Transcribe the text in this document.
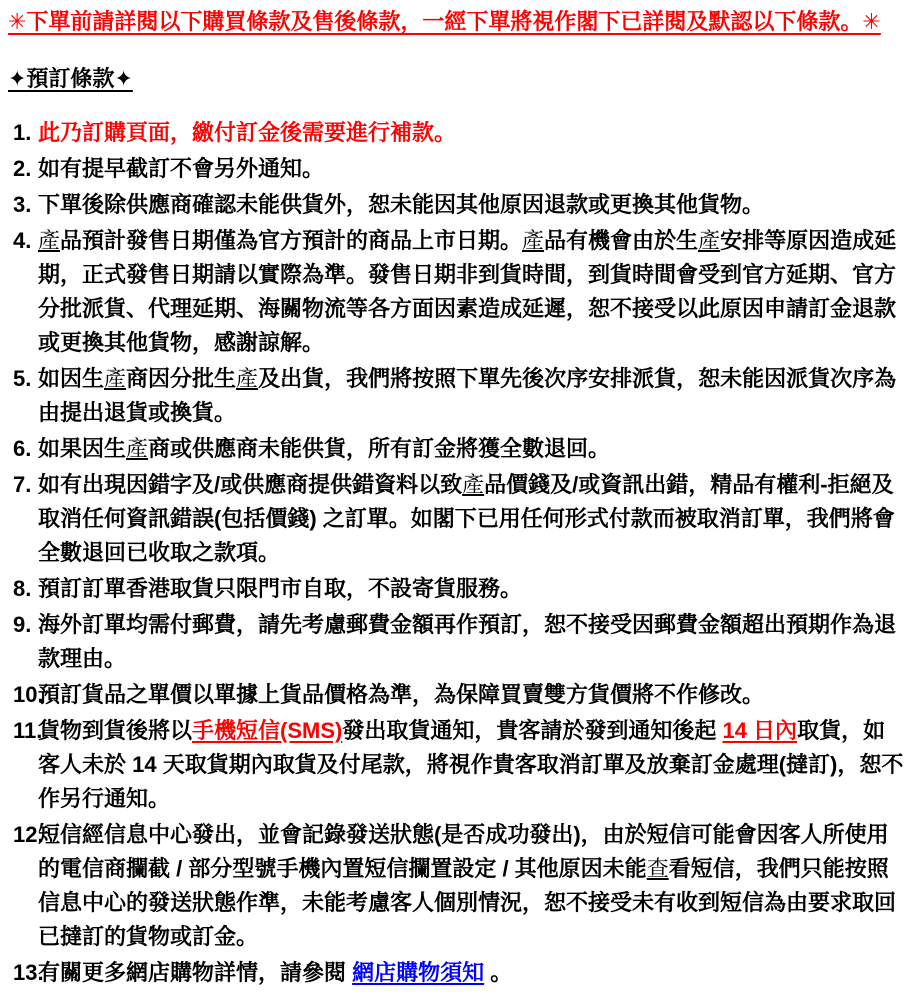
✳下單前請詳閱以下購買條款及售後條款，一經下單將視作閣下已詳閱及默認以下條款。✳

✦預訂條款✦
1. 此乃訂購頁面，繳付訂金後需要進行補款。
2. 如有提早截訂不會另外通知。
3. 下單後除供應商確認未能供貨外，恕未能因其他原因退款或更換其他貨物。
4. 產品預計發售日期僅為官方預計的商品上市日期。產品有機會由於生產安排等原因造成延期，正式發售日期請以實際為準。發售日期非到貨時間，到貨時間會受到官方延期、官方分批派貨、代理延期、海關物流等各方面因素造成延遲，恕不接受以此原因申請訂金退款或更換其他貨物，感謝諒解。
5. 如因生產商因分批生產及出貨，我們將按照下單先後次序安排派貨，恕未能因派貨次序為由提出退貨或換貨。
6. 如果因生產商或供應商未能供貨，所有訂金將獲全數退回。
7. 如有出現因錯字及/或供應商提供錯資料以致產品價錢及/或資訊出錯，精品有權利-拒絕及取消任何資訊錯誤(包括價錢) 之訂單。如閣下已用任何形式付款而被取消訂單，我們將會全數退回已收取之款項。
8. 預訂訂單香港取貨只限門市自取，不設寄貨服務。
9. 海外訂單均需付郵費，請先考慮郵費金額再作預訂，恕不接受因郵費金額超出預期作為退款理由。
10.
預訂貨品之單價以單據上貨品價格為準，為保障買賣雙方貨價將不作修改。
11.
貨物到貨後將以手機短信(SMS)發出取貨通知，貴客請於發到通知後起 14 日內取貨，如客人未於 14 天取貨期內取貨及付尾款，將視作貴客取消訂單及放棄訂金處理(撻訂)，恕不作另行通知。
12.
短信經信息中心發出，並會記錄發送狀態(是否成功發出)，由於短信可能會因客人所使用的電信商攔截 / 部分型號手機內置短信攔置設定 / 其他原因未能查看短信，我們只能按照信息中心的發送狀態作準，未能考慮客人個別情況，恕不接受未有收到短信為由要求取回已撻訂的貨物或訂金。
13.
有關更多網店購物詳情，請參閱 網店購物須知 。
